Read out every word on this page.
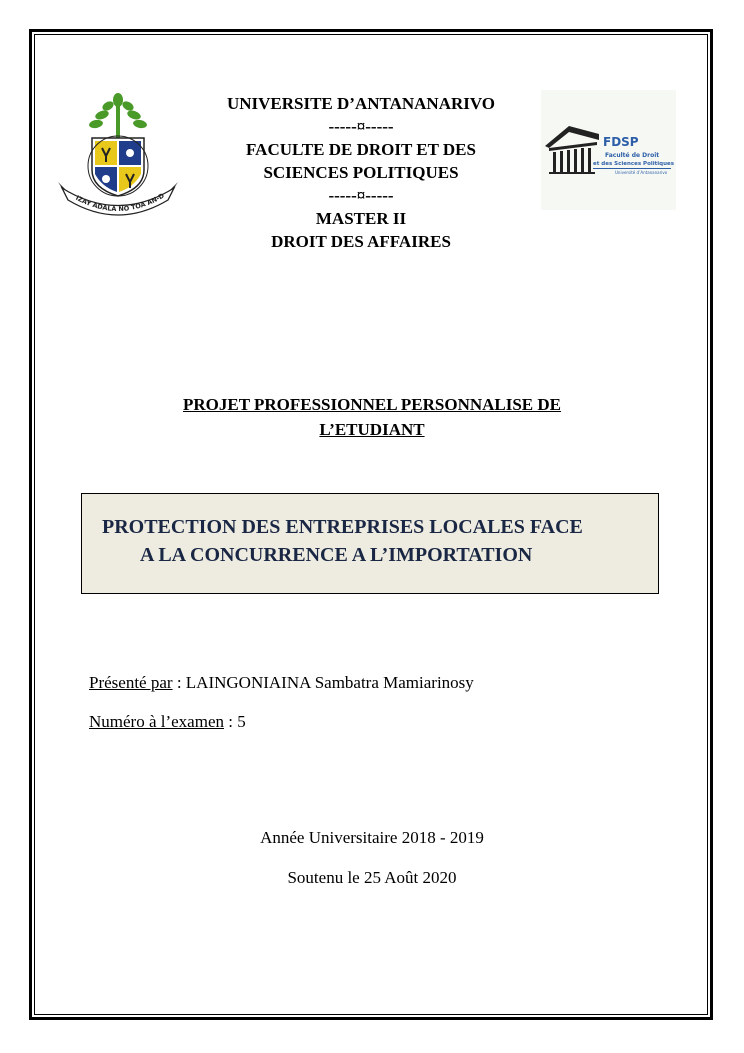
IZAY ADALA NO TOA AN-D
FDSP
Faculté de Droit
et des Sciences Politiques
Université d’Antananarivo
UNIVERSITE D’ANTANANARIVO
-----¤-----
FACULTE DE DROIT ET DES
SCIENCES POLITIQUES
-----¤-----
MASTER II
DROIT DES AFFAIRES
PROJET PROFESSIONNEL PERSONNALISE DE
L’ETUDIANT
PROTECTION DES ENTREPRISES LOCALES FACE
A LA CONCURRENCE A L’IMPORTATION
Présenté par : LAINGONIAINA Sambatra Mamiarinosy
Numéro à l’examen : 5
Année Universitaire 2018 - 2019
Soutenu le 25 Août 2020
